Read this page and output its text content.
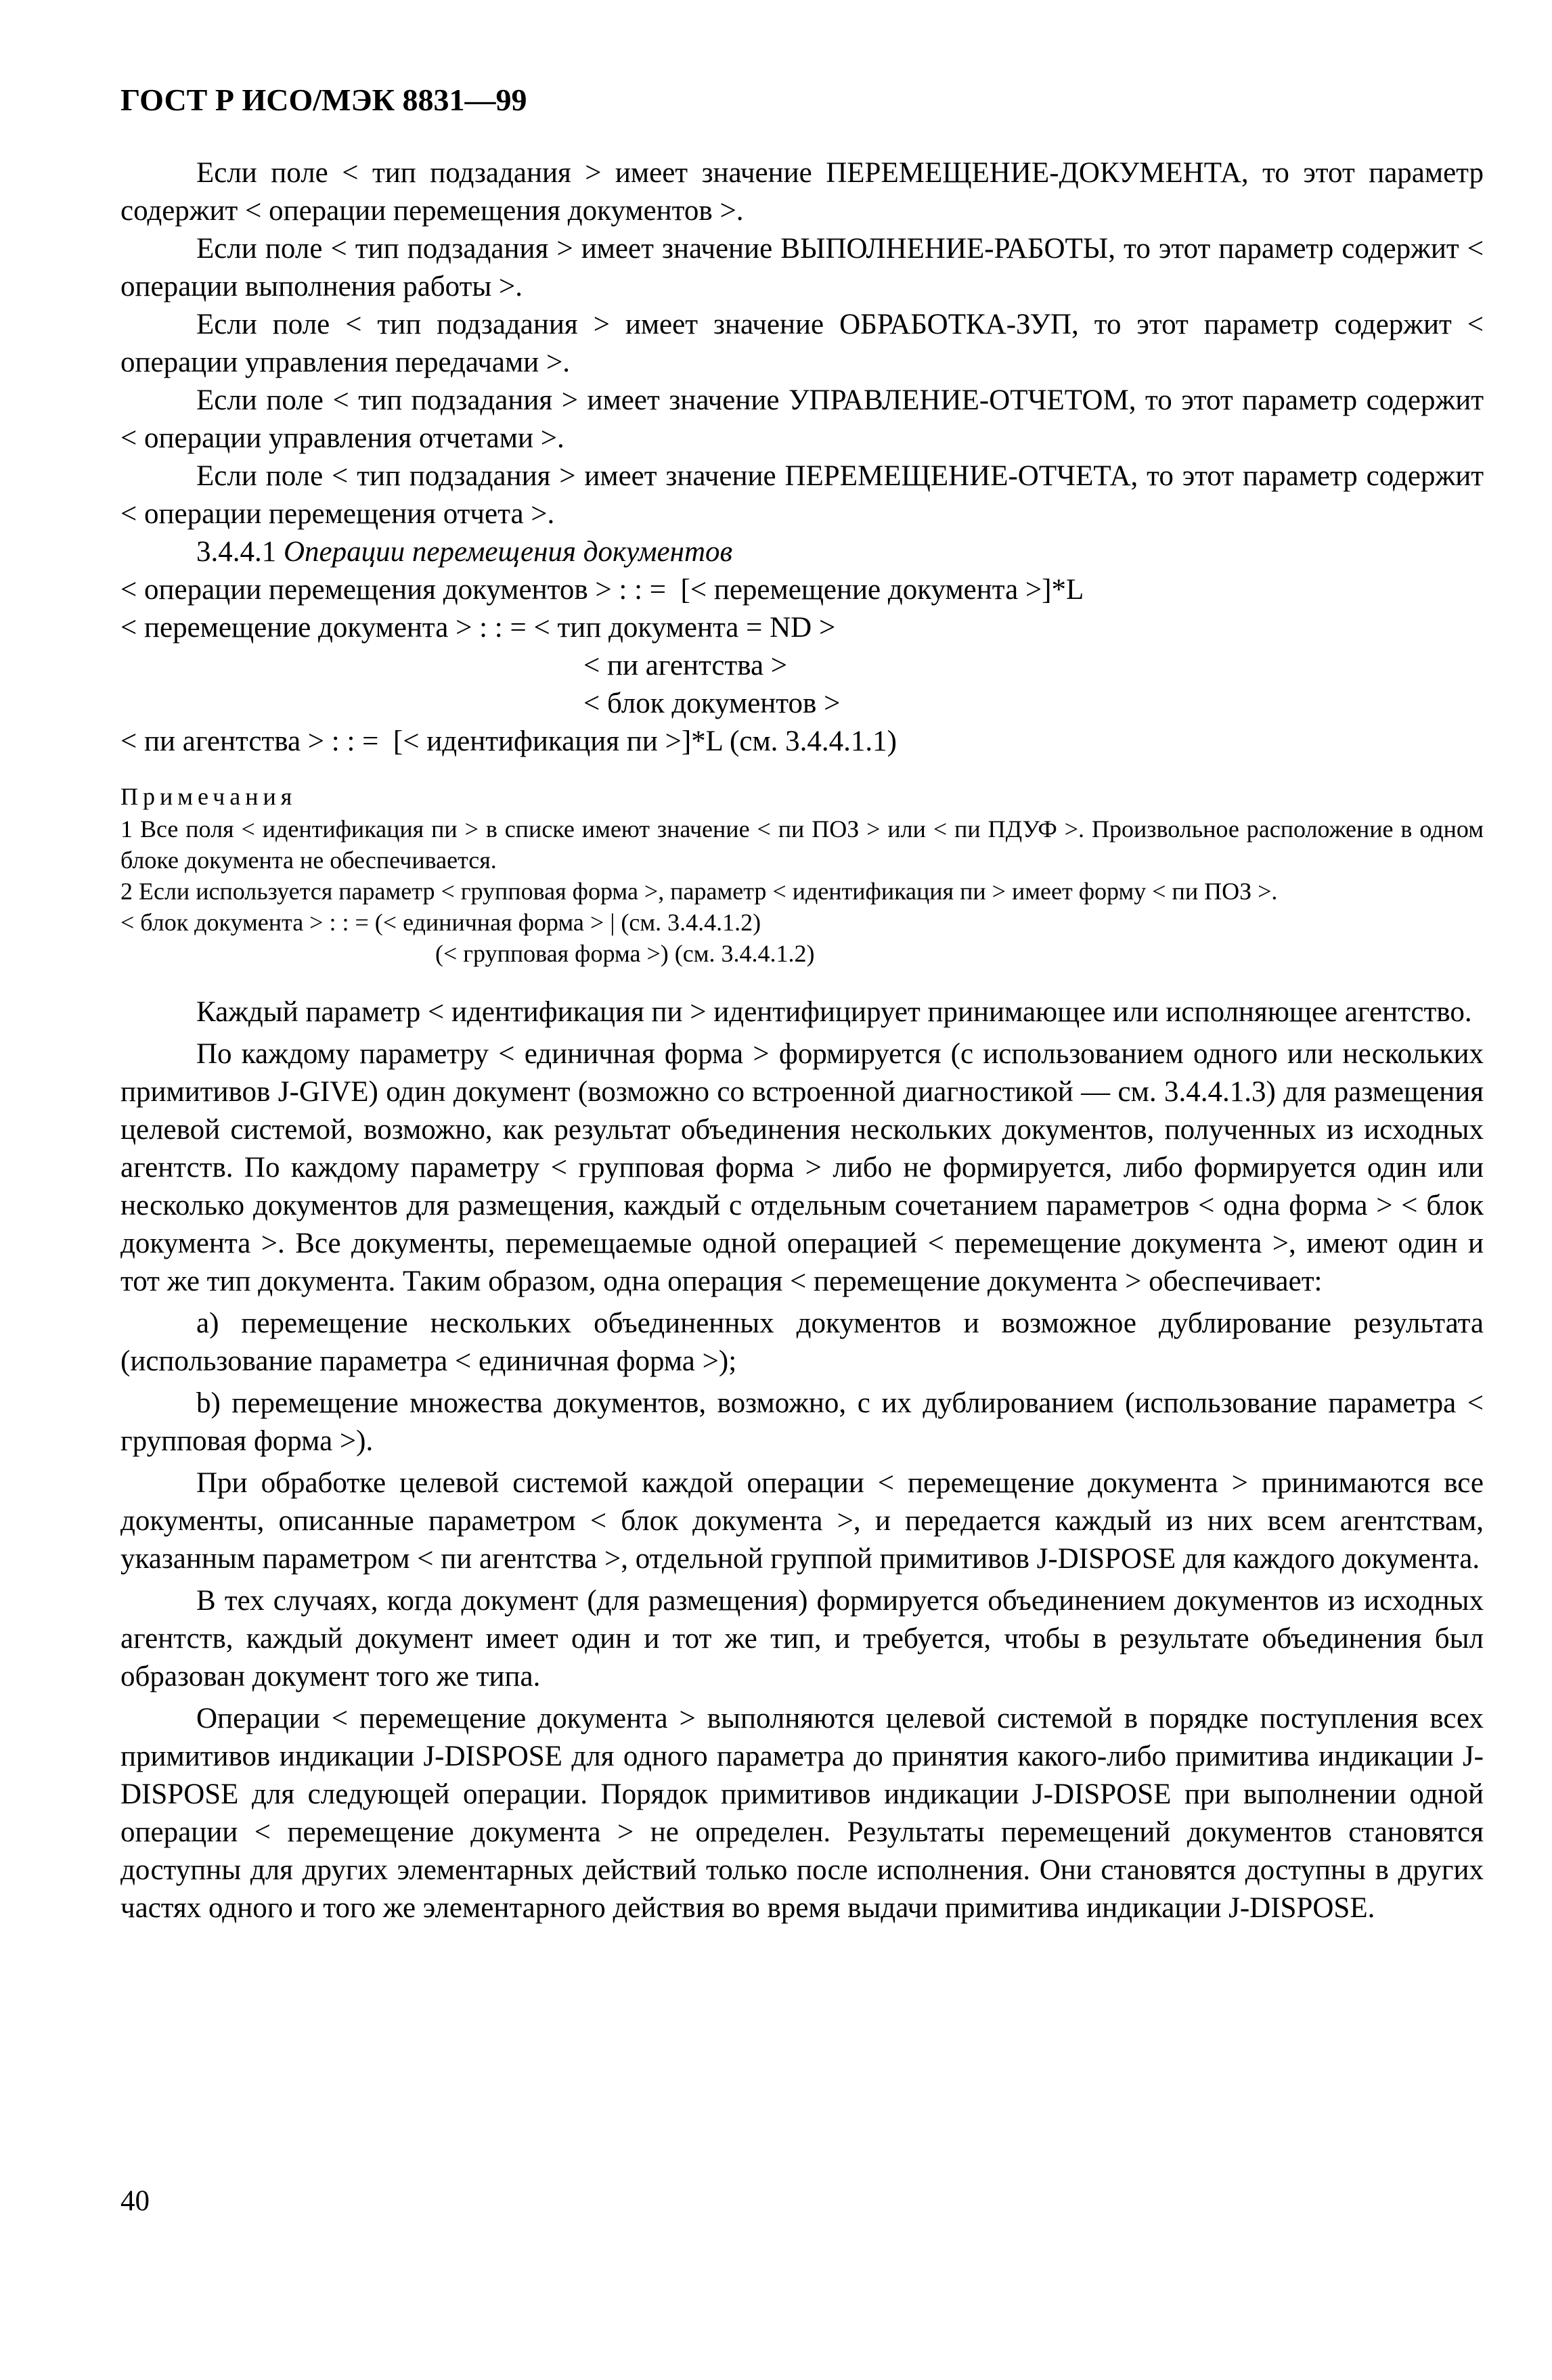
ГОСТ Р ИСО/МЭК 8831—99

Если поле < тип подзадания > имеет значение ПЕРЕМЕЩЕНИЕ-ДОКУМЕНТА, то этот параметр содержит < операции перемещения документов >.

Если поле < тип подзадания > имеет значение ВЫПОЛНЕНИЕ-РАБОТЫ, то этот параметр содержит < операции выполнения работы >.

Если поле < тип подзадания > имеет значение ОБРАБОТКА-ЗУП, то этот параметр содержит < операции управления передачами >.

Если поле < тип подзадания > имеет значение УПРАВЛЕНИЕ-ОТЧЕТОМ, то этот параметр содержит < операции управления отчетами >.

Если поле < тип подзадания > имеет значение ПЕРЕМЕЩЕНИЕ-ОТЧЕТА, то этот параметр содержит < операции перемещения отчета >.

3.4.4.1 Операции перемещения документов

< операции перемещения документов > : : =  [< перемещение документа >]*L

< перемещение документа > : : = < тип документа = ND >

< пи агентства >

< блок документов >

< пи агентства > : : =  [< идентификация пи >]*L (см. 3.4.4.1.1)

Примечания

1 Все поля < идентификация пи > в списке имеют значение < пи ПОЗ > или < пи ПДУФ >. Произвольное расположение в одном блоке документа не обеспечивается.

2 Если используется параметр < групповая форма >, параметр < идентификация пи > имеет форму < пи ПОЗ >.

< блок документа > : : = (< единичная форма > | (см. 3.4.4.1.2)

(< групповая форма >) (см. 3.4.4.1.2)

Каждый параметр < идентификация пи > идентифицирует принимающее или исполняющее агентство.

По каждому параметру < единичная форма > формируется (с использованием одного или нескольких примитивов J-GIVE) один документ (возможно со встроенной диагностикой — см. 3.4.4.1.3) для размещения целевой системой, возможно, как результат объединения нескольких документов, полученных из исходных агентств. По каждому параметру < групповая форма > либо не формируется, либо формируется один или несколько документов для размещения, каждый с отдельным сочетанием параметров < одна форма > < блок документа >. Все документы, перемещаемые одной операцией < перемещение документа >, имеют один и тот же тип документа. Таким образом, одна операция < перемещение документа > обеспечивает:

а) перемещение нескольких объединенных документов и возможное дублирование результата (использование параметра < единичная форма >);

b) перемещение множества документов, возможно, с их дублированием (использование параметра < групповая форма >).

При обработке целевой системой каждой операции < перемещение документа > принимаются все документы, описанные параметром < блок документа >, и передается каждый из них всем агентствам, указанным параметром < пи агентства >, отдельной группой примитивов J-DISPOSE для каждого документа.

В тех случаях, когда документ (для размещения) формируется объединением документов из исходных агентств, каждый документ имеет один и тот же тип, и требуется, чтобы в результате объединения был образован документ того же типа.

Операции < перемещение документа > выполняются целевой системой в порядке поступления всех примитивов индикации J-DISPOSE для одного параметра до принятия какого-либо примитива индикации J-DISPOSE для следующей операции. Порядок примитивов индикации J-DISPOSE при выполнении одной операции < перемещение документа > не определен. Результаты перемещений документов становятся доступны для других элементарных действий только после исполнения. Они становятся доступны в других частях одного и того же элементарного действия во время выдачи примитива индикации J-DISPOSE.

40
